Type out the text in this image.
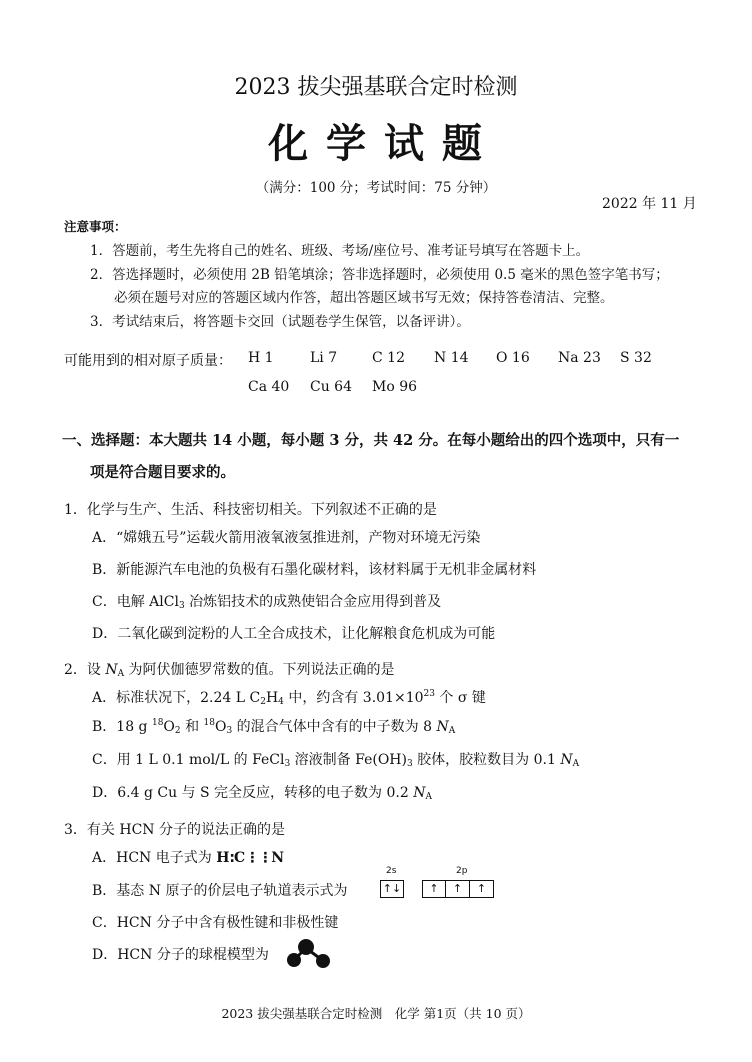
2023 拔尖强基联合定时检测
化 学 试 题
（满分：100 分；考试时间：75 分钟）
2022 年 11 月
注意事项：
1．答题前，考生先将自己的姓名、班级、考场/座位号、准考证号填写在答题卡上。
2．答选择题时，必须使用 2B 铅笔填涂；答非选择题时，必须使用 0.5 毫米的黑色签字笔书写；
必须在题号对应的答题区域内作答，超出答题区域书写无效；保持答卷清洁、完整。
3．考试结束后，将答题卡交回（试题卷学生保管，以备评讲）。
可能用到的相对原子质量： H 1	Li 7 C 12 N 14 O 16 Na 23 S 32
Ca 40 Cu 64 Mo 96
一、选择题：本大题共 14 小题，每小题 3 分，共 42 分。在每小题给出的四个选项中，只有一
项是符合题目要求的。
1．化学与生产、生活、科技密切相关。下列叙述不正确的是
A．“嫦娥五号”运载火箭用液氧液氢推进剂，产物对环境无污染
B．新能源汽车电池的负极有石墨化碳材料，该材料属于无机非金属材料
C．电解 AlCl$_3$ 冶炼铝技术的成熟使铝合金应用得到普及
D．二氧化碳到淀粉的人工全合成技术，让化解粮食危机成为可能
2．设 $N_A$ 为阿伏伽德罗常数的值。下列说法正确的是
A．标准状况下，2.24 L $C_2H_4$ 中，约含有 $3.01\times 10^{23}$ 个 σ 键
B．18 g $^{18}O_2$ 和 $^{18}O_3$ 的混合气体中含有的中子数为 8 $N_A$
C．用 1 L 0.1 mol/L 的 FeCl$_3$ 溶液制备 $Fe(OH)_3$ 胶体，胶粒数目为 0.1 $N_A$
D．6.4 g Cu 与 S 完全反应，转移的电子数为 0.2 $N_A$
3．有关 HCN 分子的说法正确的是
A．HCN 电子式为 H:C⋮⋮N
B．基态 N 原子的价层电子轨道表示式为
2s	2p
↑↓	↑	↑	↑
C．HCN 分子中含有极性键和非极性键
D．HCN 分子的球棍模型为
2023 拔尖强基联合定时检测　化学 第1页（共 10 页）
